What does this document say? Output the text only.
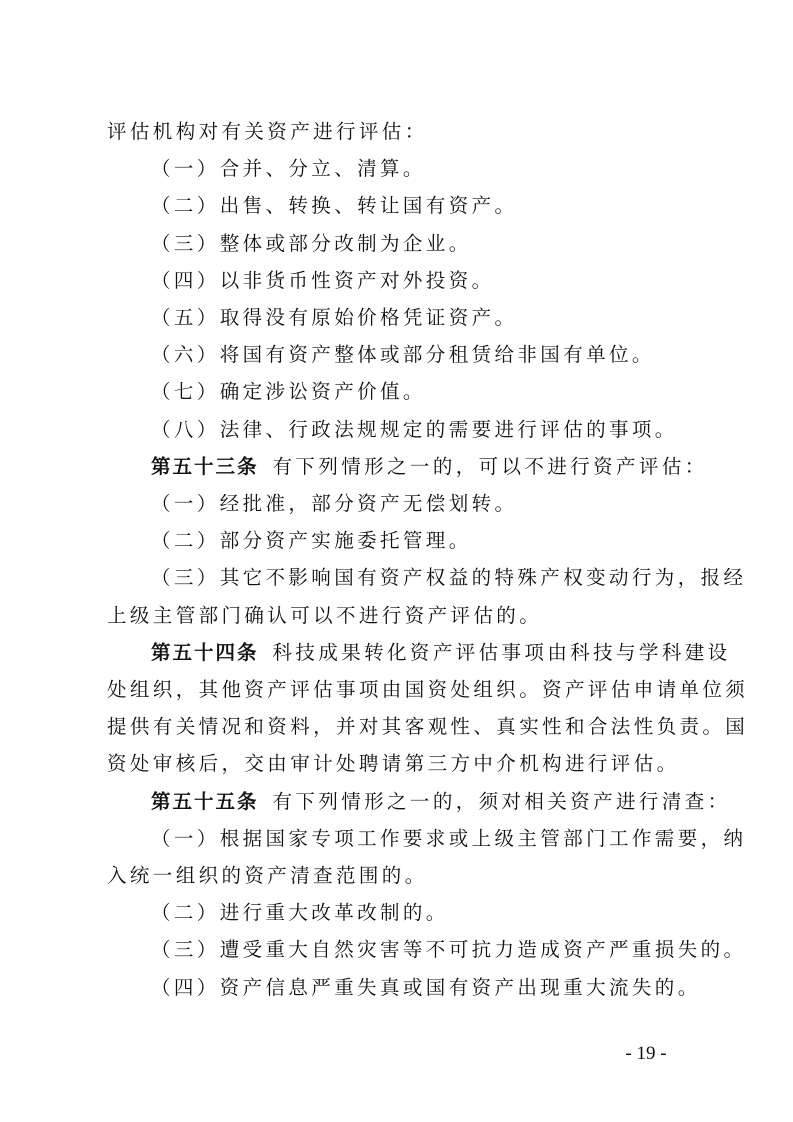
评估机构对有关资产进行评估：
（一）合并、分立、清算。
（二）出售、转换、转让国有资产。
（三）整体或部分改制为企业。
（四）以非货币性资产对外投资。
（五）取得没有原始价格凭证资产。
（六）将国有资产整体或部分租赁给非国有单位。
（七）确定涉讼资产价值。
（八）法律、行政法规规定的需要进行评估的事项。
第五十三条 有下列情形之一的，可以不进行资产评估：
（一）经批准，部分资产无偿划转。
（二）部分资产实施委托管理。
（三）其它不影响国有资产权益的特殊产权变动行为，报经
上级主管部门确认可以不进行资产评估的。
第五十四条 科技成果转化资产评估事项由科技与学科建设
处组织，其他资产评估事项由国资处组织。资产评估申请单位须
提供有关情况和资料，并对其客观性、真实性和合法性负责。国
资处审核后，交由审计处聘请第三方中介机构进行评估。
第五十五条 有下列情形之一的，须对相关资产进行清查：
（一）根据国家专项工作要求或上级主管部门工作需要，纳
入统一组织的资产清查范围的。
（二）进行重大改革改制的。
（三）遭受重大自然灾害等不可抗力造成资产严重损失的。
（四）资产信息严重失真或国有资产出现重大流失的。
- 19 -
